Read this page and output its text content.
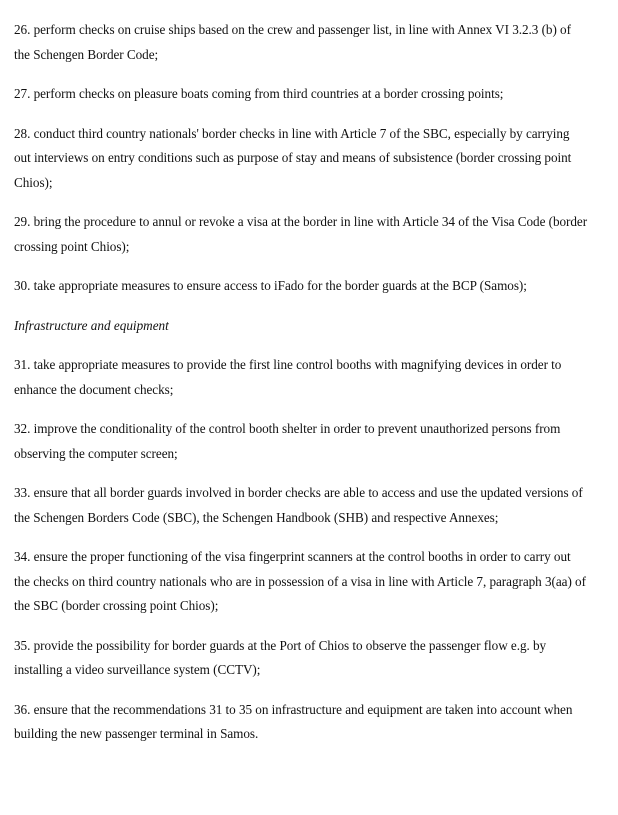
26. perform checks on cruise ships based on the crew and passenger list, in line with Annex VI 3.2.3 (b) of the Schengen Border Code;

27. perform checks on pleasure boats coming from third countries at a border crossing points;

28. conduct third country nationals' border checks in line with Article 7 of the SBC, especially by carrying out interviews on entry conditions such as purpose of stay and means of subsistence (border crossing point Chios);

29. bring the procedure to annul or revoke a visa at the border in line with Article 34 of the Visa Code (border crossing point Chios);

30. take appropriate measures to ensure access to iFado for the border guards at the BCP (Samos);

Infrastructure and equipment

31. take appropriate measures to provide the first line control booths with magnifying devices in order to enhance the document checks;

32. improve the conditionality of the control booth shelter in order to prevent unauthorized persons from observing the computer screen;

33. ensure that all border guards involved in border checks are able to access and use the updated versions of the Schengen Borders Code (SBC), the Schengen Handbook (SHB) and respective Annexes;

34. ensure the proper functioning of the visa fingerprint scanners at the control booths in order to carry out the checks on third country nationals who are in possession of a visa in line with Article 7, paragraph 3(aa) of the SBC (border crossing point Chios);

35. provide the possibility for border guards at the Port of Chios to observe the passenger flow e.g. by installing a video surveillance system (CCTV);

36. ensure that the recommendations 31 to 35 on infrastructure and equipment are taken into account when building the new passenger terminal in Samos.
